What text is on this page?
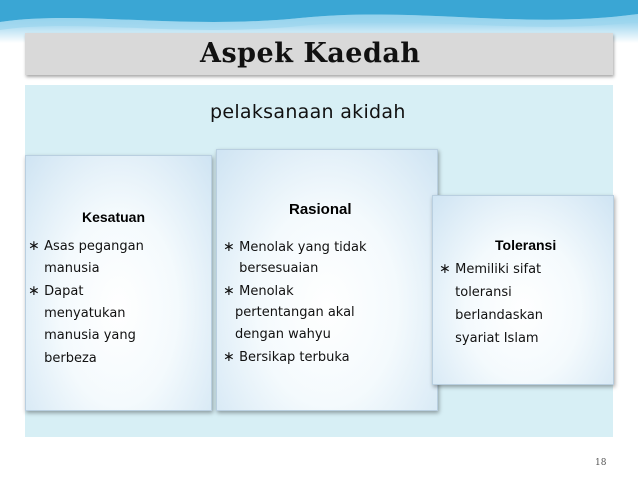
Aspek Kaedah
pelaksanaan akidah
Kesatuan	Rasional
Toleransi
∗ Asas pegangan
manusia
∗ Dapat
menyatukan
manusia yang
berbeza
∗ Menolak yang tidak
bersesuaian
∗ Menolak
pertentangan akal
dengan wahyu
∗ Bersikap terbuka
∗ Memiliki sifat
toleransi
berlandaskan
syariat Islam
18
